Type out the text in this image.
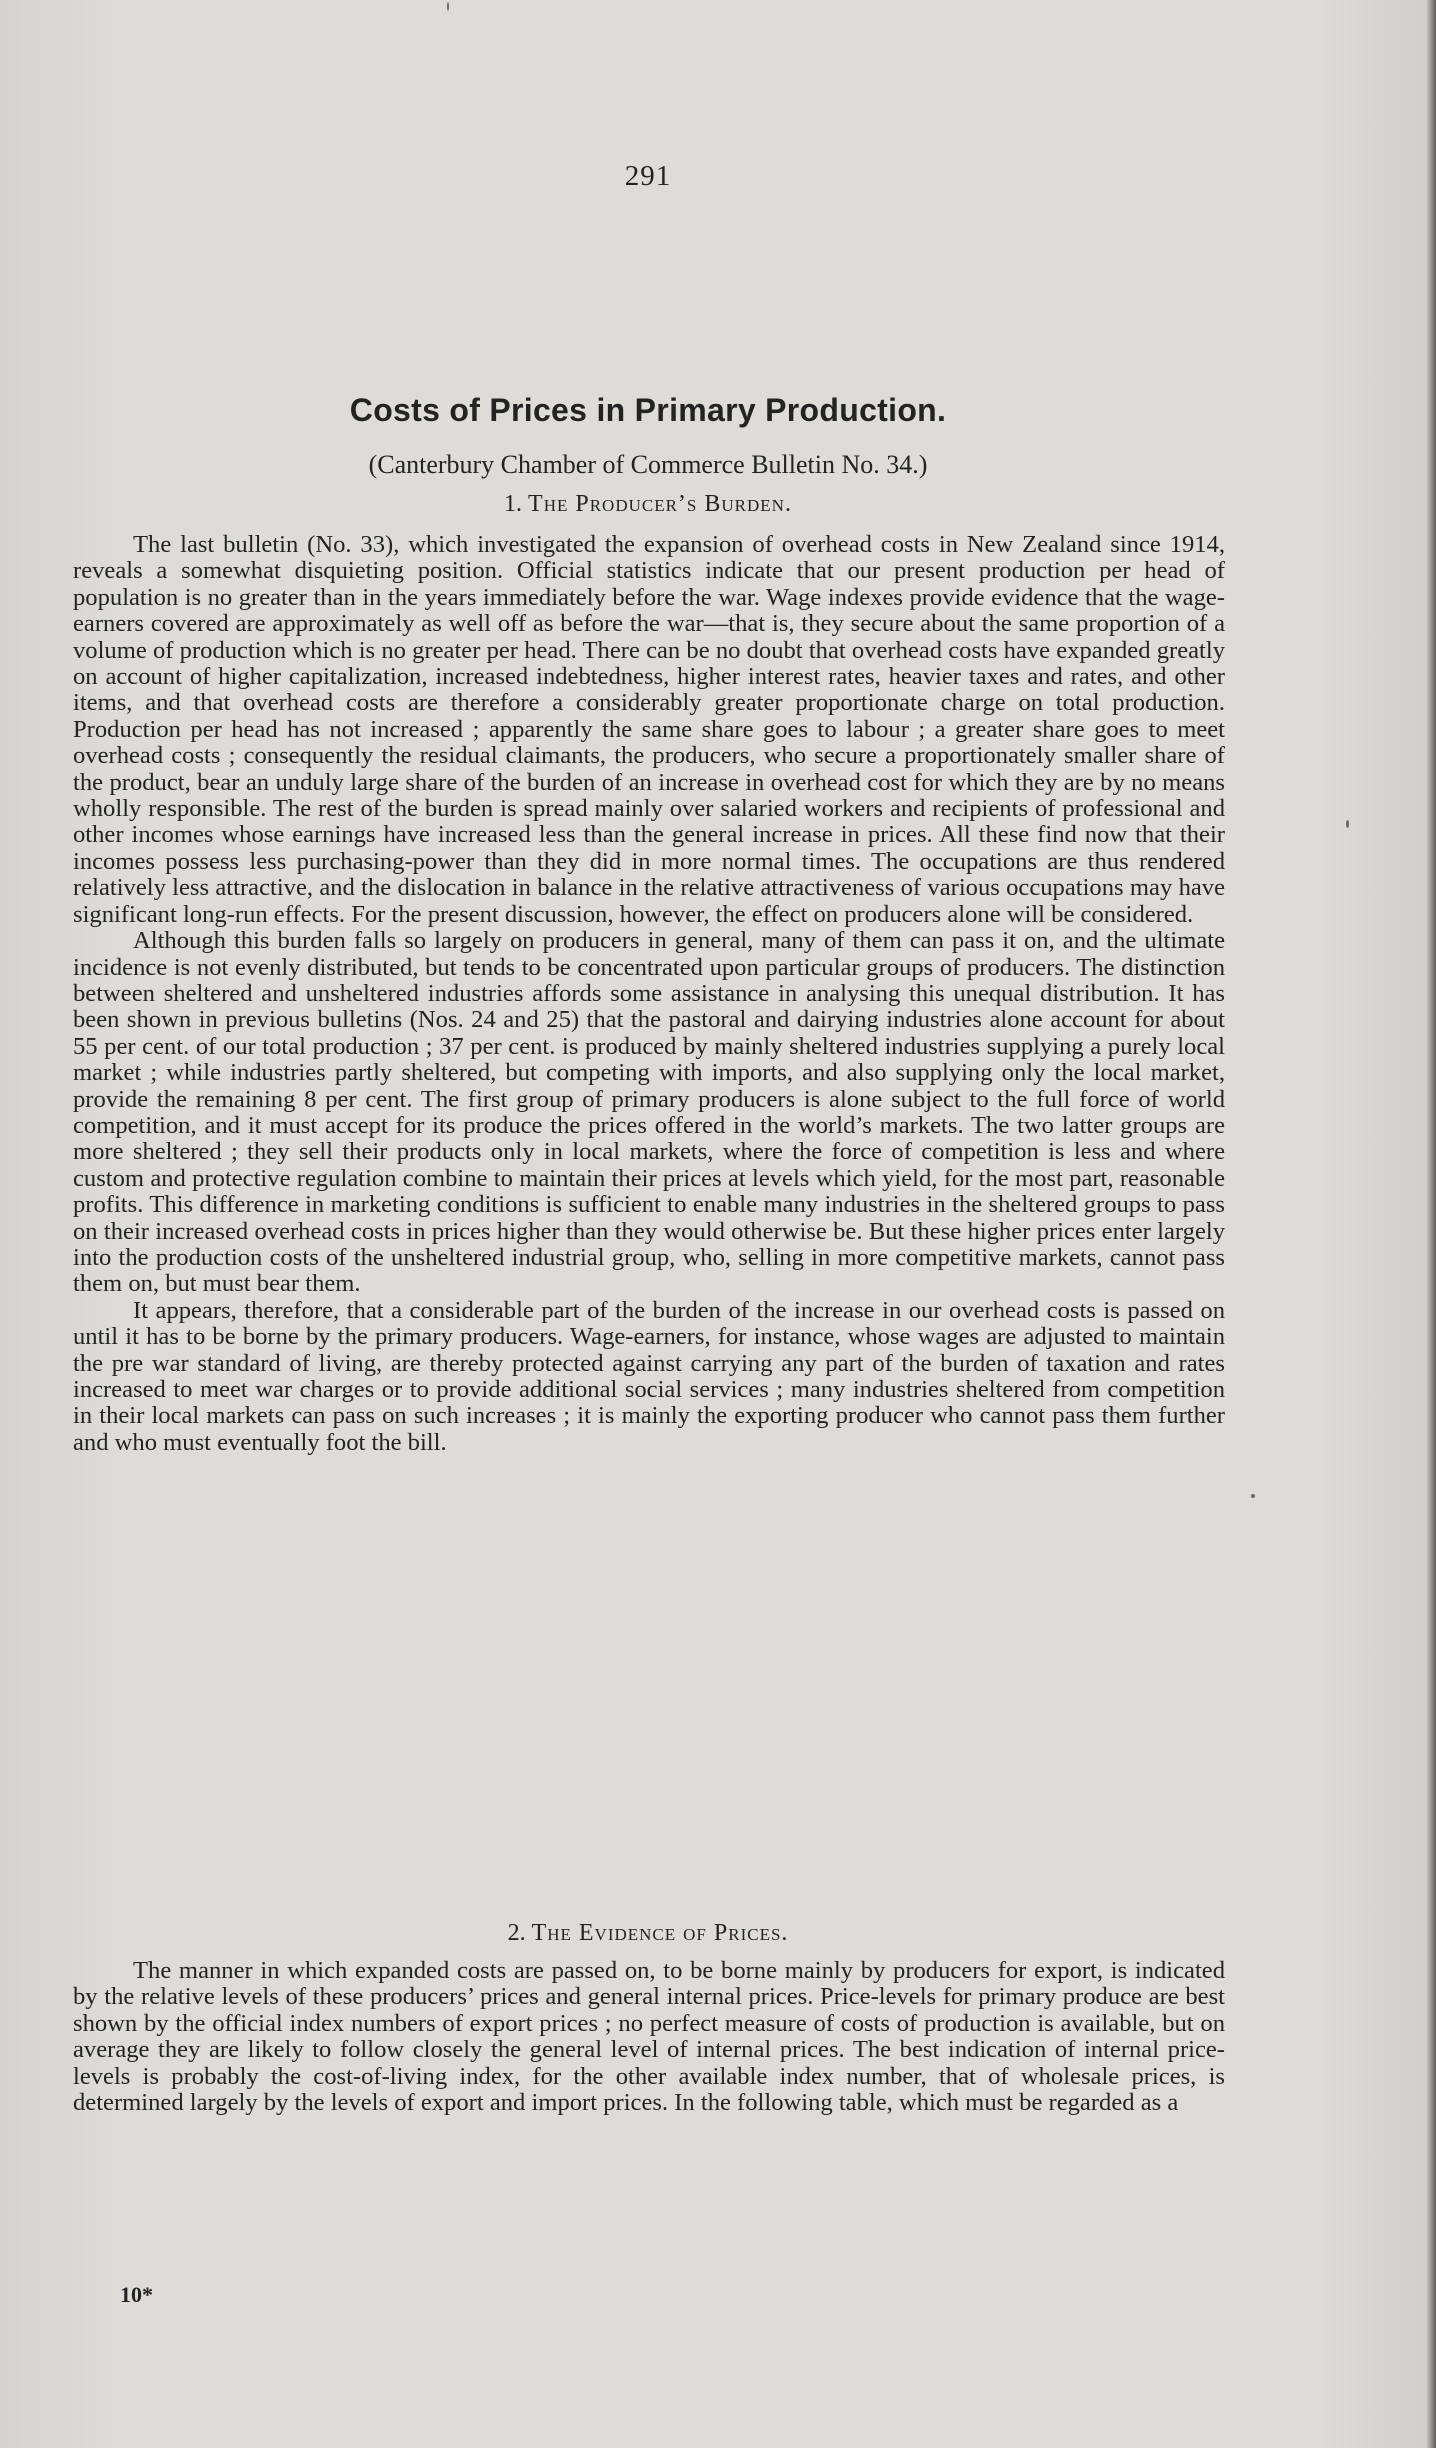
291
Costs of Prices in Primary Production.
(Canterbury Chamber of Commerce Bulletin No. 34.)
1. The Producer’s Burden.

The last bulletin (No. 33), which investigated the expansion of overhead costs in New Zealand since 1914, reveals a somewhat disquieting position. Official statistics indicate that our present production per head of population is no greater than in the years immediately before the war. Wage indexes provide evidence that the wage-earners covered are approximately as well off as before the war—that is, they secure about the same proportion of a volume of production which is no greater per head. There can be no doubt that overhead costs have expanded greatly on account of higher capitalization, increased indebtedness, higher interest rates, heavier taxes and rates, and other items, and that overhead costs are therefore a considerably greater proportionate charge on total production. Production per head has not increased ; apparently the same share goes to labour ; a greater share goes to meet overhead costs ; consequently the residual claimants, the producers, who secure a proportionately smaller share of the product, bear an unduly large share of the burden of an increase in overhead cost for which they are by no means wholly responsible. The rest of the burden is spread mainly over salaried workers and recipients of professional and other incomes whose earnings have increased less than the general increase in prices. All these find now that their incomes possess less purchasing-power than they did in more normal times. The occupations are thus rendered relatively less attractive, and the dislocation in balance in the relative attractiveness of various occupations may have significant long-run effects. For the present discussion, however, the effect on producers alone will be considered.

Although this burden falls so largely on producers in general, many of them can pass it on, and the ultimate incidence is not evenly distributed, but tends to be concentrated upon particular groups of producers. The distinction between sheltered and unsheltered industries affords some assistance in analysing this unequal distribution. It has been shown in previous bulletins (Nos. 24 and 25) that the pastoral and dairying industries alone account for about 55 per cent. of our total production ; 37 per cent. is produced by mainly sheltered industries supplying a purely local market ; while industries partly sheltered, but competing with imports, and also supplying only the local market, provide the remaining 8 per cent. The first group of primary producers is alone subject to the full force of world competition, and it must accept for its produce the prices offered in the world’s markets. The two latter groups are more sheltered ; they sell their products only in local markets, where the force of competition is less and where custom and protective regulation combine to maintain their prices at levels which yield, for the most part, reasonable profits. This difference in marketing conditions is sufficient to enable many industries in the sheltered groups to pass on their increased overhead costs in prices higher than they would otherwise be. But these higher prices enter largely into the production costs of the unsheltered industrial group, who, selling in more competitive markets, cannot pass them on, but must bear them.

It appears, therefore, that a considerable part of the burden of the increase in our overhead costs is passed on until it has to be borne by the primary producers. Wage-earners, for instance, whose wages are adjusted to maintain the pre war standard of living, are thereby protected against carrying any part of the burden of taxation and rates increased to meet war charges or to provide additional social services ; many industries sheltered from competition in their local markets can pass on such increases ; it is mainly the exporting producer who cannot pass them further and who must eventually foot the bill.

2. The Evidence of Prices.

The manner in which expanded costs are passed on, to be borne mainly by producers for export, is indicated by the relative levels of these producers’ prices and general internal prices. Price-levels for primary produce are best shown by the official index numbers of export prices ; no perfect measure of costs of production is available, but on average they are likely to follow closely the general level of internal prices. The best indication of internal price-levels is probably the cost-of-living index, for the other available index number, that of wholesale prices, is determined largely by the levels of export and import prices. In the following table, which must be regarded as a

10*
